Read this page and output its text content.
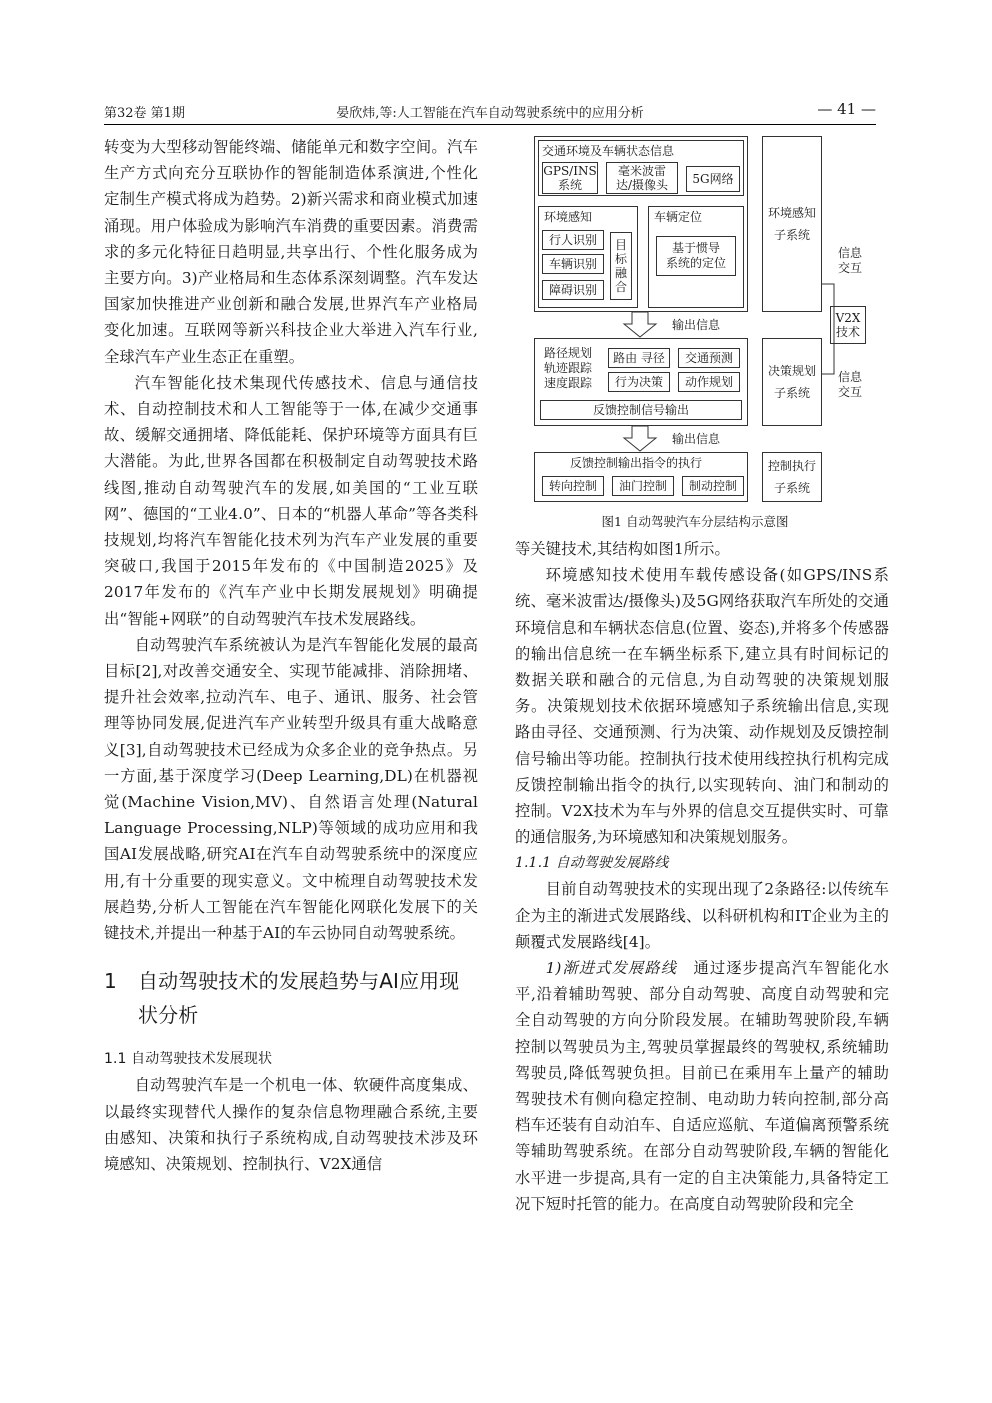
第32卷 第1期	晏欣炜,等:人工智能在汽车自动驾驶系统中的应用分析	— 41 —

转变为大型移动智能终端、储能单元和数字空间。汽车生产方式向充分互联协作的智能制造体系演进,个性化定制生产模式将成为趋势。2)新兴需求和商业模式加速涌现。用户体验成为影响汽车消费的重要因素。消费需求的多元化特征日趋明显,共享出行、个性化服务成为主要方向。3)产业格局和生态体系深刻调整。汽车发达国家加快推进产业创新和融合发展,世界汽车产业格局变化加速。互联网等新兴科技企业大举进入汽车行业,全球汽车产业生态正在重塑。

汽车智能化技术集现代传感技术、信息与通信技术、自动控制技术和人工智能等于一体,在减少交通事故、缓解交通拥堵、降低能耗、保护环境等方面具有巨大潜能。为此,世界各国都在积极制定自动驾驶技术路线图,推动自动驾驶汽车的发展,如美国的“工业互联网”、德国的“工业4.0”、日本的“机器人革命”等各类科技规划,均将汽车智能化技术列为汽车产业发展的重要突破口,我国于2015年发布的《中国制造2025》及2017年发布的《汽车产业中长期发展规划》明确提出“智能+网联”的自动驾驶汽车技术发展路线。

自动驾驶汽车系统被认为是汽车智能化发展的最高目标[2],对改善交通安全、实现节能减排、消除拥堵、提升社会效率,拉动汽车、电子、通讯、服务、社会管理等协同发展,促进汽车产业转型升级具有重大战略意义[3],自动驾驶技术已经成为众多企业的竞争热点。另一方面,基于深度学习(Deep Learning,DL)在机器视觉(Machine Vision,MV)、自然语言处理(Natural Language Processing,NLP)等领域的成功应用和我国AI发展战略,研究AI在汽车自动驾驶系统中的深度应用,有十分重要的现实意义。文中梳理自动驾驶技术发展趋势,分析人工智能在汽车智能化网联化发展下的关键技术,并提出一种基于AI的车云协同自动驾驶系统。

1	自动驾驶技术的发展趋势与AI应用现状分析
1.1 自动驾驶技术发展现状

自动驾驶汽车是一个机电一体、软硬件高度集成、以最终实现替代人操作的复杂信息物理融合系统,主要由感知、决策和执行子系统构成,自动驾驶技术涉及环境感知、决策规划、控制执行、V2X通信

交通环境及车辆状态信息
GPS/INS
系统
毫米波雷
达/摄像头	5G网络
环境感知
行人识别
车辆识别
障碍识别
目
标
融
合
车辆定位
基于惯导
系统的定位
输出信息
路径规划
轨迹跟踪
速度跟踪
路由 寻径	交通预测
行为决策	动作规划
反馈控制信号输出
输出信息
反馈控制输出指令的执行
转向控制	油门控制	制动控制
环境感知
子系统
决策规划
子系统
控制执行
子系统
信息
交互
V2X
技术
信息
交互
图1 自动驾驶汽车分层结构示意图

等关键技术,其结构如图1所示。

环境感知技术使用车载传感设备(如GPS/INS系统、毫米波雷达/摄像头)及5G网络获取汽车所处的交通环境信息和车辆状态信息(位置、姿态),并将多个传感器的输出信息统一在车辆坐标系下,建立具有时间标记的数据关联和融合的元信息,为自动驾驶的决策规划服务。决策规划技术依据环境感知子系统输出信息,实现路由寻径、交通预测、行为决策、动作规划及反馈控制信号输出等功能。控制执行技术使用线控执行机构完成反馈控制输出指令的执行,以实现转向、油门和制动的控制。V2X技术为车与外界的信息交互提供实时、可靠的通信服务,为环境感知和决策规划服务。

1.1.1 自动驾驶发展路线

目前自动驾驶技术的实现出现了2条路径:以传统车企为主的渐进式发展路线、以科研机构和IT企业为主的颠覆式发展路线[4]。

1)渐进式发展路线　通过逐步提高汽车智能化水平,沿着辅助驾驶、部分自动驾驶、高度自动驾驶和完全自动驾驶的方向分阶段发展。在辅助驾驶阶段,车辆控制以驾驶员为主,驾驶员掌握最终的驾驶权,系统辅助驾驶员,降低驾驶负担。目前已在乘用车上量产的辅助驾驶技术有侧向稳定控制、电动助力转向控制,部分高档车还装有自动泊车、自适应巡航、车道偏离预警系统等辅助驾驶系统。在部分自动驾驶阶段,车辆的智能化水平进一步提高,具有一定的自主决策能力,具备特定工况下短时托管的能力。在高度自动驾驶阶段和完全
